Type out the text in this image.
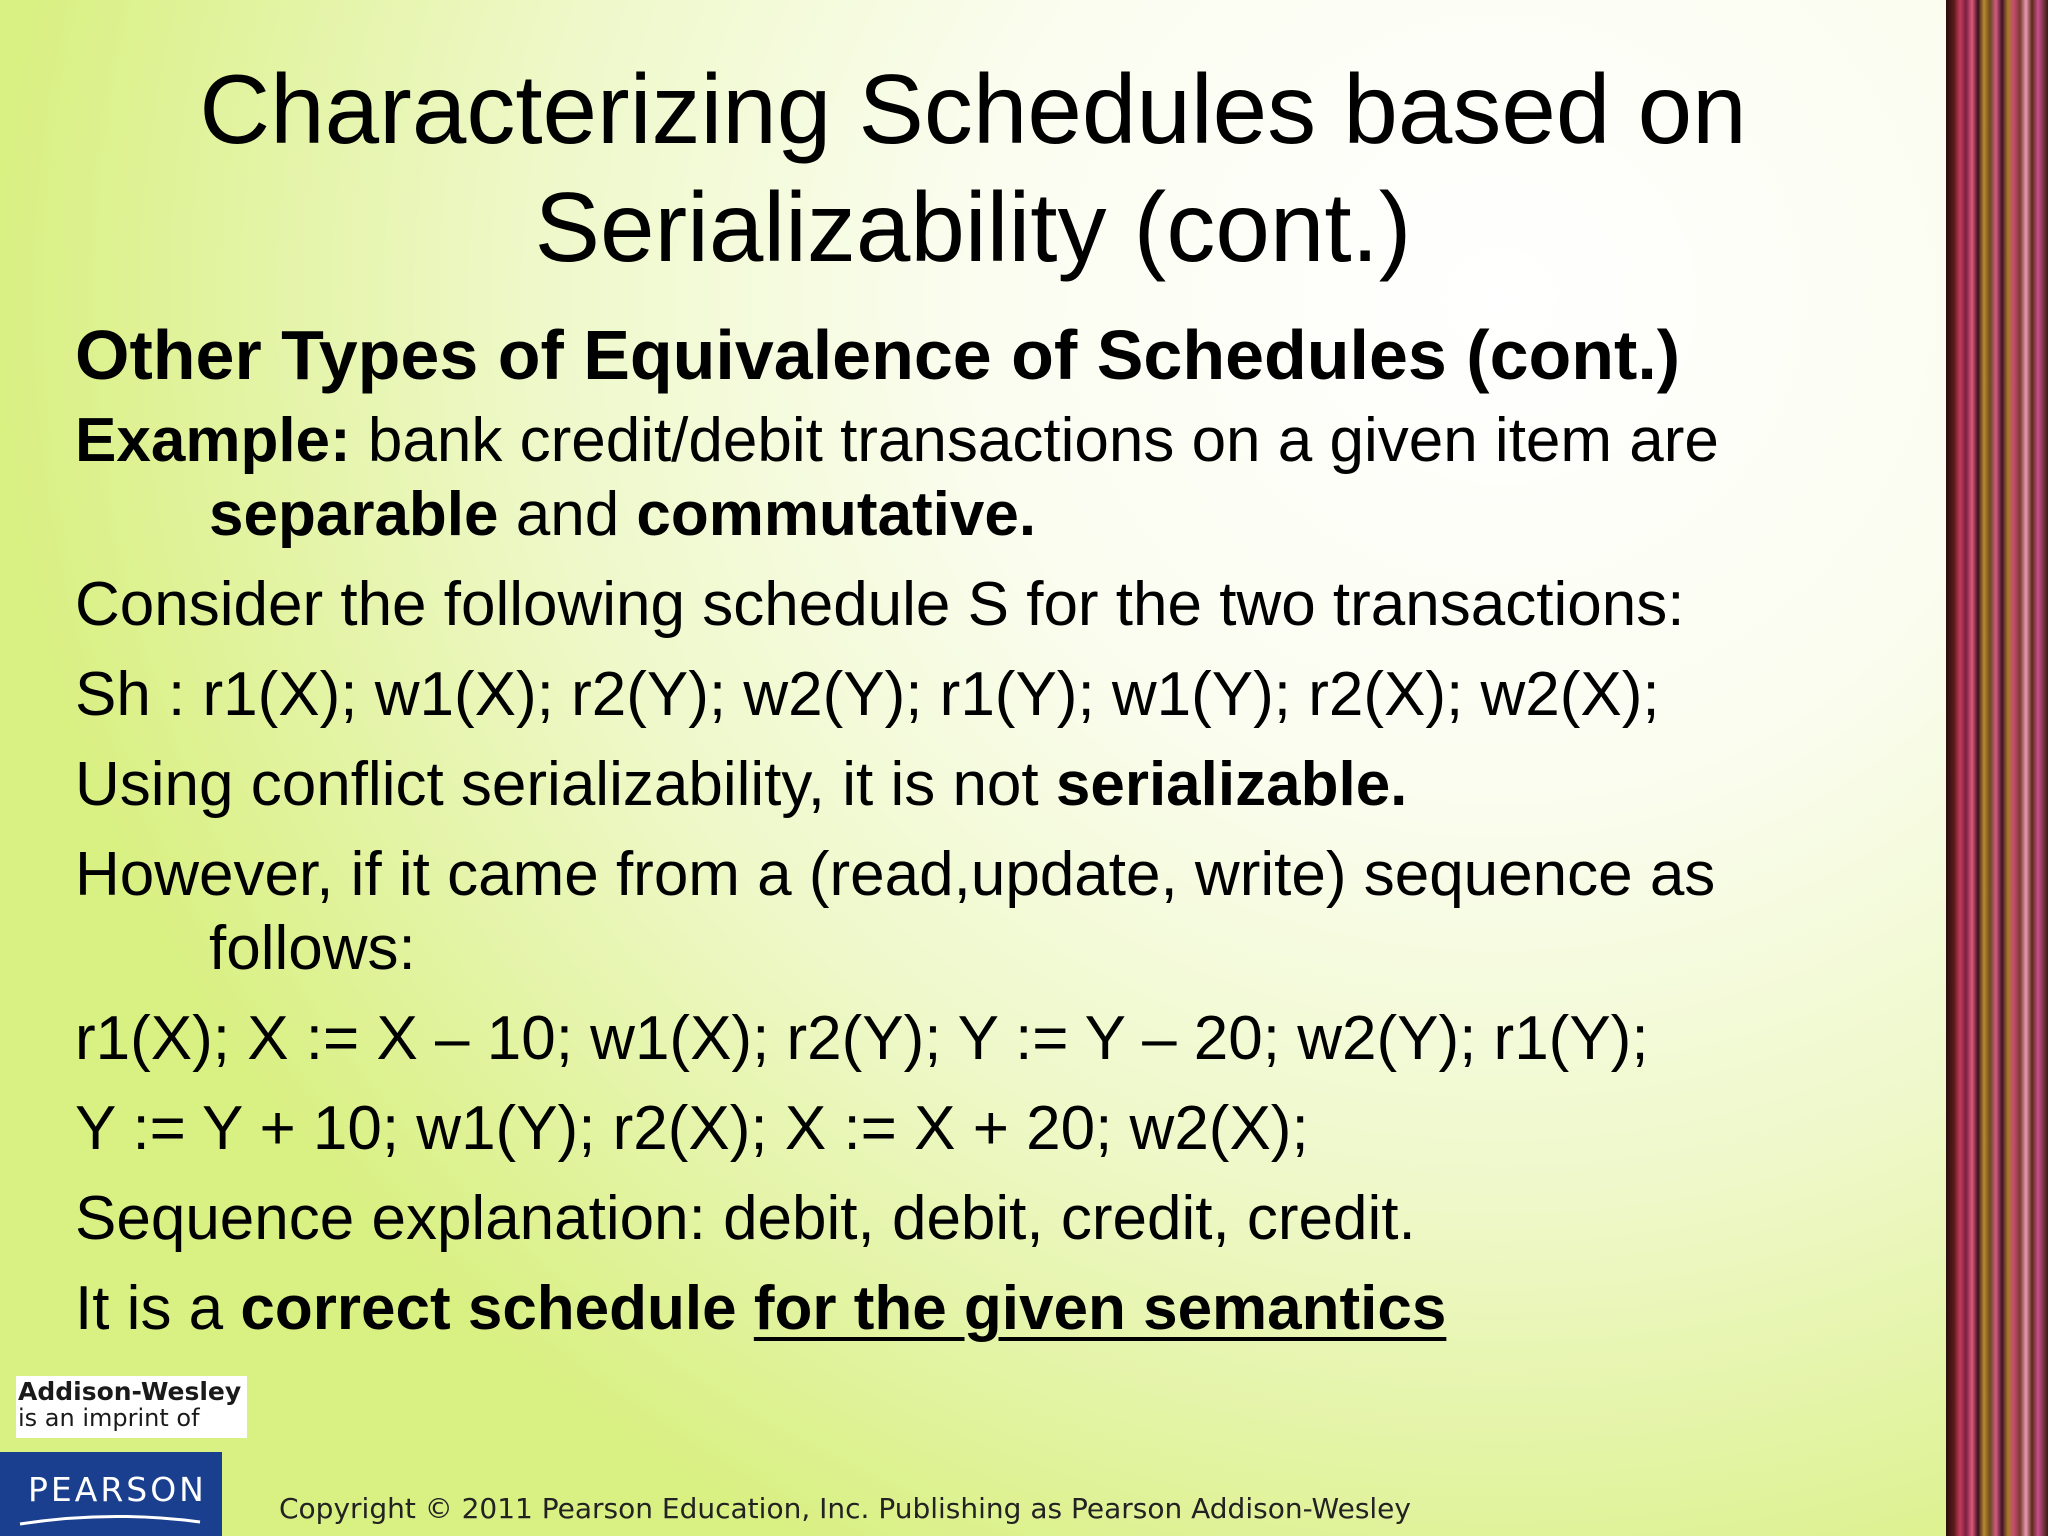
Characterizing Schedules based on
Serializability (cont.)
Other Types of Equivalence of Schedules (cont.)
Example: bank credit/debit transactions on a given item are
separable and commutative.
Consider the following schedule S for the two transactions:
Sh : r1(X); w1(X); r2(Y); w2(Y); r1(Y); w1(Y); r2(X); w2(X);
Using conflict serializability, it is not serializable.
However, if it came from a (read,update, write) sequence as
follows:
r1(X); X := X – 10; w1(X); r2(Y); Y := Y – 20; w2(Y); r1(Y);
Y := Y + 10; w1(Y); r2(X); X := X + 20; w2(X);
Sequence explanation: debit, debit, credit, credit.
It is a correct schedule for the given semantics
Addison-Wesley
is an imprint of
PEARSON	Copyright © 2011 Pearson Education, Inc. Publishing as Pearson Addison-Wesley
